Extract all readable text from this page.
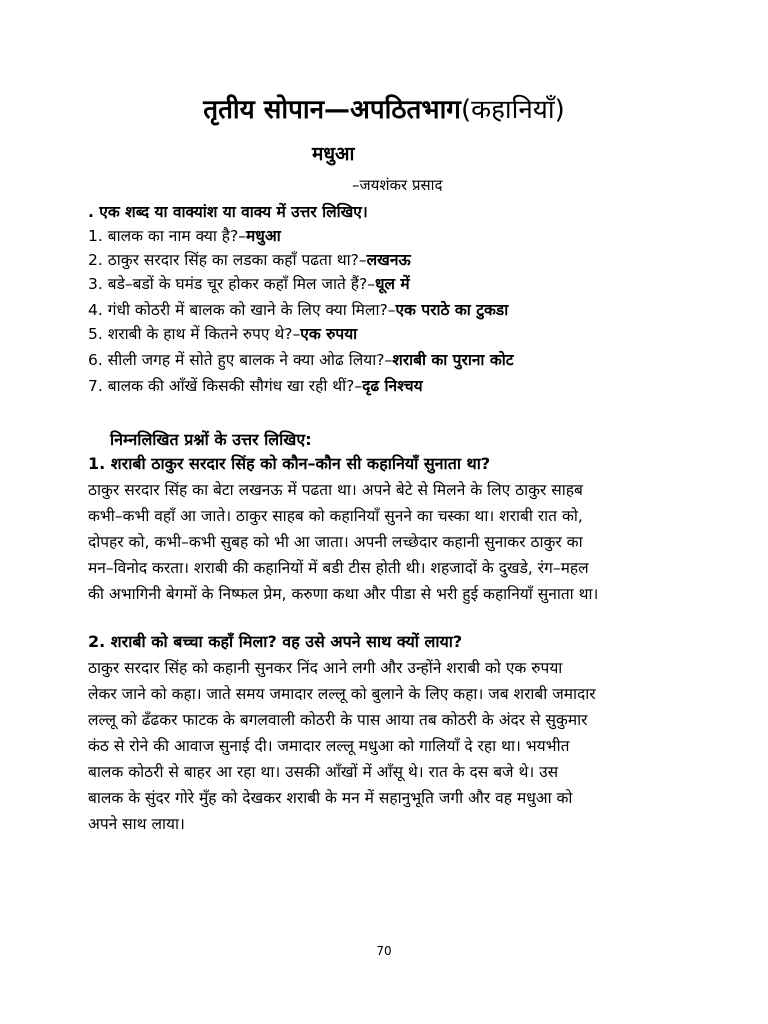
तृतीय सोपान—अपठितभाग(कहानियाँ)
मधुआ
–जयशंकर प्रसाद
. एक शब्द या वाक्यांश या वाक्य में उत्तर लिखिए।
1. बालक का नाम क्या है?–मधुआ
2. ठाकुर सरदार सिंह का लडका कहाँ पढता था?–लखनऊ
3. बडे–बडों के घमंड चूर होकर कहाँ मिल जाते हैं?–धूल में
4. गंधी कोठरी में बालक को खाने के लिए क्या मिला?–एक पराठे का टुकडा
5. शराबी के हाथ में कितने रुपए थे?–एक रुपया
6. सीली जगह में सोते हुए बालक ने क्या ओढ लिया?–शराबी का पुराना कोट
7. बालक की आँखें किसकी सौगंध खा रही थीं?–दृढ निश्चय
निम्नलिखित प्रश्नों के उत्तर लिखिए:
1. शराबी ठाकुर सरदार सिंह को कौन–कौन सी कहानियाँ सुनाता था?
ठाकुर सरदार सिंह का बेटा लखनऊ में पढता था। अपने बेटे से मिलने के लिए ठाकुर साहब
कभी–कभी वहाँ आ जाते। ठाकुर साहब को कहानियाँ सुनने का चस्का था। शराबी रात को,
दोपहर को, कभी–कभी सुबह को भी आ जाता। अपनी लच्छेदार कहानी सुनाकर ठाकुर का
मन–विनोद करता। शराबी की कहानियों में बडी टीस होती थी। शहजादों के दुखडे, रंग–महल
की अभागिनी बेगमों के निष्फल प्रेम, करुणा कथा और पीडा से भरी हुई कहानियाँ सुनाता था।
2. शराबी को बच्चा कहाँ मिला? वह उसे अपने साथ क्यों लाया?
ठाकुर सरदार सिंह को कहानी सुनकर निंद आने लगी और उन्होंने शराबी को एक रुपया
लेकर जाने को कहा। जाते समय जमादार लल्लू को बुलाने के लिए कहा। जब शराबी जमादार
लल्लू को ढँढकर फाटक के बगलवाली कोठरी के पास आया तब कोठरी के अंदर से सुकुमार
कंठ से रोने की आवाज सुनाई दी। जमादार लल्लू मधुआ को गालियाँ दे रहा था। भयभीत
बालक कोठरी से बाहर आ रहा था। उसकी आँखों में आँसू थे। रात के दस बजे थे। उस
बालक के सुंदर गोरे मुँह को देखकर शराबी के मन में सहानुभूति जगी और वह मधुआ को
अपने साथ लाया।
70
